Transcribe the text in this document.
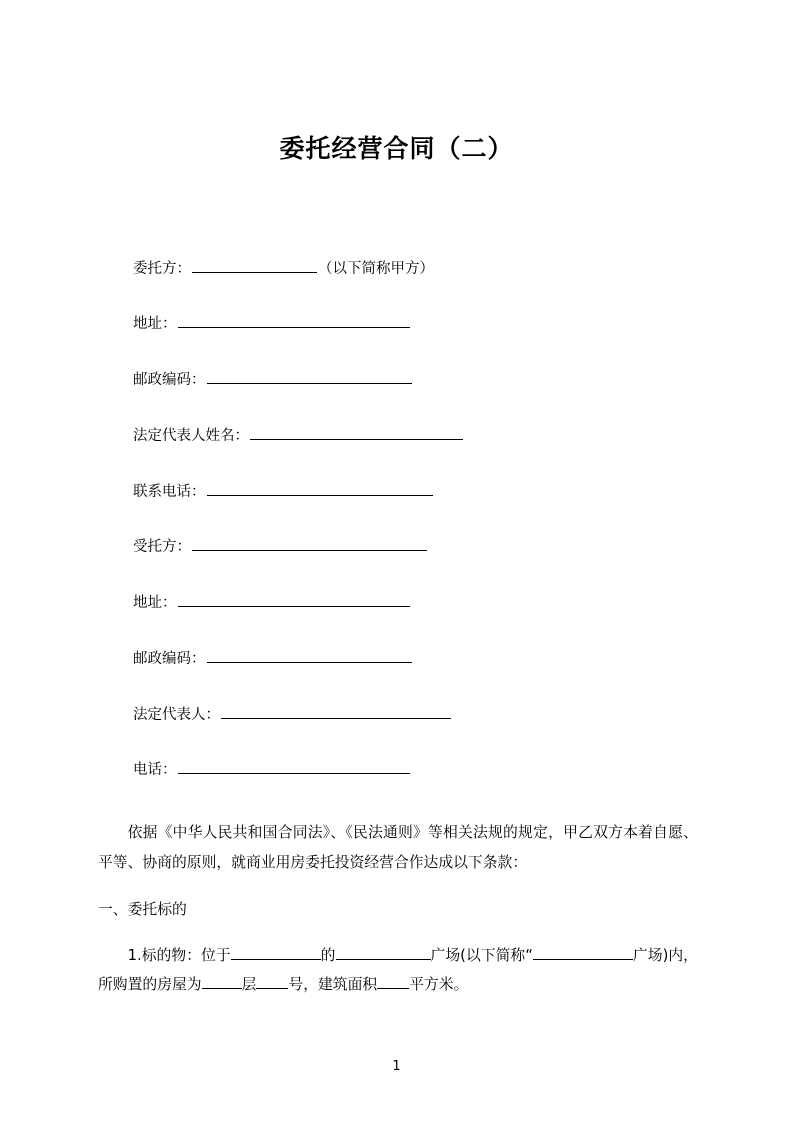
委托经营合同（二）
委托方：	（以下简称甲方）
地址：
邮政编码：
法定代表人姓名：
联系电话：
受托方：
地址：
邮政编码：
法定代表人：
电话：

依据《中华人民共和国合同法》、《民法通则》等相关法规的规定，甲乙双方本着自愿、平等、协商的原则，就商业用房委托投资经营合作达成以下条款：

一、委托标的

1.标的物：位于	的	广场(以下简称“	广场)内，所购置的房屋为	层 号，建筑面积 平方米。

1
